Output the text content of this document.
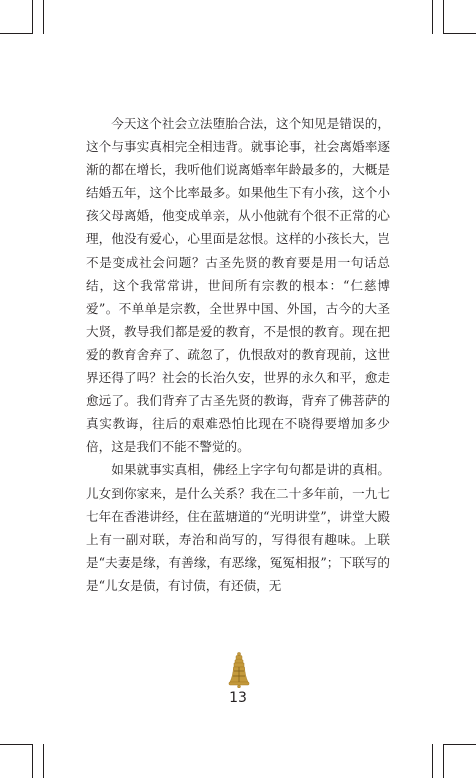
今天这个社会立法堕胎合法，这个知见是错误的，这个与事实真相完全相违背。就事论事，社会离婚率逐渐的都在增长，我听他们说离婚率年龄最多的，大概是结婚五年，这个比率最多。如果他生下有小孩，这个小孩父母离婚，他变成单亲，从小他就有个很不正常的心理，他没有爱心，心里面是忿恨。这样的小孩长大，岂不是变成社会问题？古圣先贤的教育要是用一句话总结，这个我常常讲，世间所有宗教的根本：“仁慈博爱”。不单单是宗教，全世界中国、外国，古今的大圣大贤，教导我们都是爱的教育，不是恨的教育。现在把爱的教育舍弃了、疏忽了，仇恨敌对的教育现前，这世界还得了吗？社会的长治久安，世界的永久和平，愈走愈远了。我们背弃了古圣先贤的教诲，背弃了佛菩萨的真实教诲，往后的艰难恐怕比现在不晓得要增加多少倍，这是我们不能不警觉的。

如果就事实真相，佛经上字字句句都是讲的真相。儿女到你家来，是什么关系？我在二十多年前，一九七七年在香港讲经，住在蓝塘道的“光明讲堂”，讲堂大殿上有一副对联，寿治和尚写的，写得很有趣味。上联是“夫妻是缘，有善缘，有恶缘，冤冤相报”；下联写的是“儿女是债，有讨债，有还债，无

13
